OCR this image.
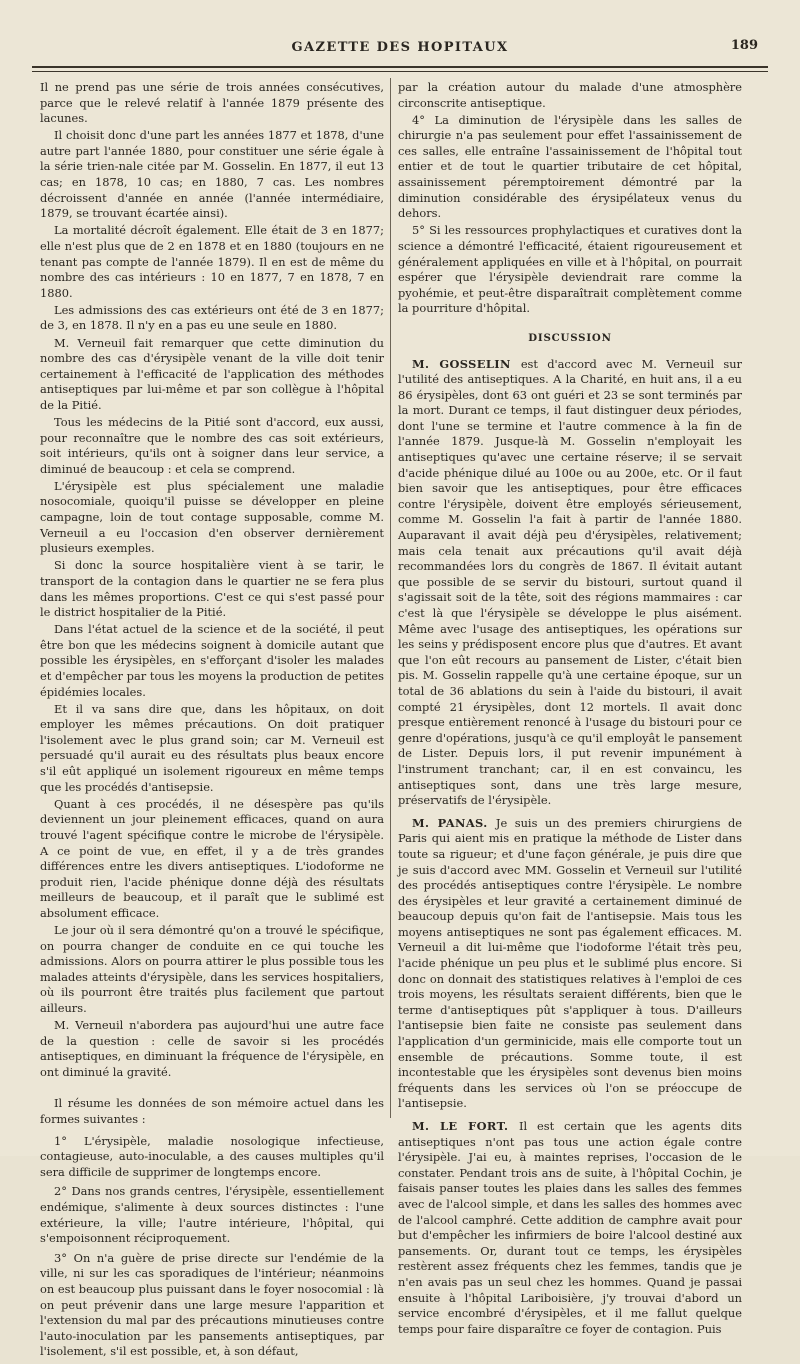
GAZETTE DES HOPITAUX	189

Il ne prend pas une série de trois années consécutives, parce que le relevé relatif à l'année 1879 présente des lacunes.

Il choisit donc d'une part les années 1877 et 1878, d'une autre part l'année 1880, pour constituer une série égale à la série trien-nale citée par M. Gosselin. En 1877, il eut 13 cas; en 1878, 10 cas; en 1880, 7 cas. Les nombres décroissent d'année en année (l'année intermédiaire, 1879, se trouvant écartée ainsi).

La mortalité décroît également. Elle était de 3 en 1877; elle n'est plus que de 2 en 1878 et en 1880 (toujours en ne tenant pas compte de l'année 1879). Il en est de même du nombre des cas intérieurs : 10 en 1877, 7 en 1878, 7 en 1880.

Les admissions des cas extérieurs ont été de 3 en 1877; de 3, en 1878. Il n'y en a pas eu une seule en 1880.

M. Verneuil fait remarquer que cette diminution du nombre des cas d'érysipèle venant de la ville doit tenir certainement à l'efficacité de l'application des méthodes antiseptiques par lui-même et par son collègue à l'hôpital de la Pitié.

Tous les médecins de la Pitié sont d'accord, eux aussi, pour reconnaître que le nombre des cas soit extérieurs, soit intérieurs, qu'ils ont à soigner dans leur service, a diminué de beaucoup : et cela se comprend.

L'érysipèle est plus spécialement une maladie nosocomiale, quoiqu'il puisse se développer en pleine campagne, loin de tout contage supposable, comme M. Verneuil a eu l'occasion d'en observer dernièrement plusieurs exemples.

Si donc la source hospitalière vient à se tarir, le transport de la contagion dans le quartier ne se fera plus dans les mêmes proportions. C'est ce qui s'est passé pour le district hospitalier de la Pitié.

Dans l'état actuel de la science et de la société, il peut être bon que les médecins soignent à domicile autant que possible les érysipèles, en s'efforçant d'isoler les malades et d'empêcher par tous les moyens la production de petites épidémies locales.

Et il va sans dire que, dans les hôpitaux, on doit employer les mêmes précautions. On doit pratiquer l'isolement avec le plus grand soin; car M. Verneuil est persuadé qu'il aurait eu des résultats plus beaux encore s'il eût appliqué un isolement rigoureux en même temps que les procédés d'antisepsie.

Quant à ces procédés, il ne désespère pas qu'ils deviennent un jour pleinement efficaces, quand on aura trouvé l'agent spécifique contre le microbe de l'érysipèle. A ce point de vue, en effet, il y a de très grandes différences entre les divers antiseptiques. L'iodoforme ne produit rien, l'acide phénique donne déjà des résultats meilleurs de beaucoup, et il paraît que le sublimé est absolument efficace.

Le jour où il sera démontré qu'on a trouvé le spécifique, on pourra changer de conduite en ce qui touche les admissions. Alors on pourra attirer le plus possible tous les malades atteints d'érysipèle, dans les services hospitaliers, où ils pourront être traités plus facilement que partout ailleurs.

M. Verneuil n'abordera pas aujourd'hui une autre face de la question : celle de savoir si les procédés antiseptiques, en diminuant la fréquence de l'érysipèle, en ont diminué la gravité.

Il résume les données de son mémoire actuel dans les formes suivantes :

1° L'érysipèle, maladie nosologique infectieuse, contagieuse, auto-inoculable, a des causes multiples qu'il sera difficile de supprimer de longtemps encore.

2° Dans nos grands centres, l'érysipèle, essentiellement endémique, s'alimente à deux sources distinctes : l'une extérieure, la ville; l'autre intérieure, l'hôpital, qui s'empoisonnent réciproquement.

3° On n'a guère de prise directe sur l'endémie de la ville, ni sur les cas sporadiques de l'intérieur; néanmoins on est beaucoup plus puissant dans le foyer nosocomial : là on peut prévenir dans une large mesure l'apparition et l'extension du mal par des précautions minutieuses contre l'auto-inoculation par les pansements antiseptiques, par l'isolement, s'il est possible, et, à son défaut,

par la création autour du malade d'une atmosphère circonscrite antiseptique.

4° La diminution de l'érysipèle dans les salles de chirurgie n'a pas seulement pour effet l'assainissement de ces salles, elle entraîne l'assainissement de l'hôpital tout entier et de tout le quartier tributaire de cet hôpital, assainissement péremptoirement démontré par la diminution considérable des érysipélateux venus du dehors.

5° Si les ressources prophylactiques et curatives dont la science a démontré l'efficacité, étaient rigoureusement et généralement appliquées en ville et à l'hôpital, on pourrait espérer que l'érysipèle deviendrait rare comme la pyohémie, et peut-être disparaîtrait complètement comme la pourriture d'hôpital.

DISCUSSION

M. GOSSELIN est d'accord avec M. Verneuil sur l'utilité des antiseptiques. A la Charité, en huit ans, il a eu 86 érysipèles, dont 63 ont guéri et 23 se sont terminés par la mort. Durant ce temps, il faut distinguer deux périodes, dont l'une se termine et l'autre commence à la fin de l'année 1879. Jusque-là M. Gosselin n'employait les antiseptiques qu'avec une certaine réserve; il se servait d'acide phénique dilué au 100e ou au 200e, etc. Or il faut bien savoir que les antiseptiques, pour être efficaces contre l'érysipèle, doivent être employés sérieusement, comme M. Gosselin l'a fait à partir de l'année 1880. Auparavant il avait déjà peu d'érysipèles, relativement; mais cela tenait aux précautions qu'il avait déjà recommandées lors du congrès de 1867. Il évitait autant que possible de se servir du bistouri, surtout quand il s'agissait soit de la tête, soit des régions mammaires : car c'est là que l'érysipèle se développe le plus aisément. Même avec l'usage des antiseptiques, les opérations sur les seins y prédisposent encore plus que d'autres. Et avant que l'on eût recours au pansement de Lister, c'était bien pis. M. Gosselin rappelle qu'à une certaine époque, sur un total de 36 ablations du sein à l'aide du bistouri, il avait compté 21 érysipèles, dont 12 mortels. Il avait donc presque entièrement renoncé à l'usage du bistouri pour ce genre d'opérations, jusqu'à ce qu'il employât le pansement de Lister. Depuis lors, il put revenir impunément à l'instrument tranchant; car, il en est convaincu, les antiseptiques sont, dans une très large mesure, préservatifs de l'érysipèle.

M. PANAS. Je suis un des premiers chirurgiens de Paris qui aient mis en pratique la méthode de Lister dans toute sa rigueur; et d'une façon générale, je puis dire que je suis d'accord avec MM. Gosselin et Verneuil sur l'utilité des procédés antiseptiques contre l'érysipèle. Le nombre des érysipèles et leur gravité a certainement diminué de beaucoup depuis qu'on fait de l'antisepsie. Mais tous les moyens antiseptiques ne sont pas également efficaces. M. Verneuil a dit lui-même que l'iodoforme l'était très peu, l'acide phénique un peu plus et le sublimé plus encore. Si donc on donnait des statistiques relatives à l'emploi de ces trois moyens, les résultats seraient différents, bien que le terme d'antiseptiques pût s'appliquer à tous. D'ailleurs l'antisepsie bien faite ne consiste pas seulement dans l'application d'un germinicide, mais elle comporte tout un ensemble de précautions. Somme toute, il est incontestable que les érysipèles sont devenus bien moins fréquents dans les services où l'on se préoccupe de l'antisepsie.

M. LE FORT. Il est certain que les agents dits antiseptiques n'ont pas tous une action égale contre l'érysipèle. J'ai eu, à maintes reprises, l'occasion de le constater. Pendant trois ans de suite, à l'hôpital Cochin, je faisais panser toutes les plaies dans les salles des femmes avec de l'alcool simple, et dans les salles des hommes avec de l'alcool camphré. Cette addition de camphre avait pour but d'empêcher les infirmiers de boire l'alcool destiné aux pansements. Or, durant tout ce temps, les érysipèles restèrent assez fréquents chez les femmes, tandis que je n'en avais pas un seul chez les hommes. Quand je passai ensuite à l'hôpital Lariboisière, j'y trouvai d'abord un service encombré d'érysipèles, et il me fallut quelque temps pour faire disparaître ce foyer de contagion. Puis
